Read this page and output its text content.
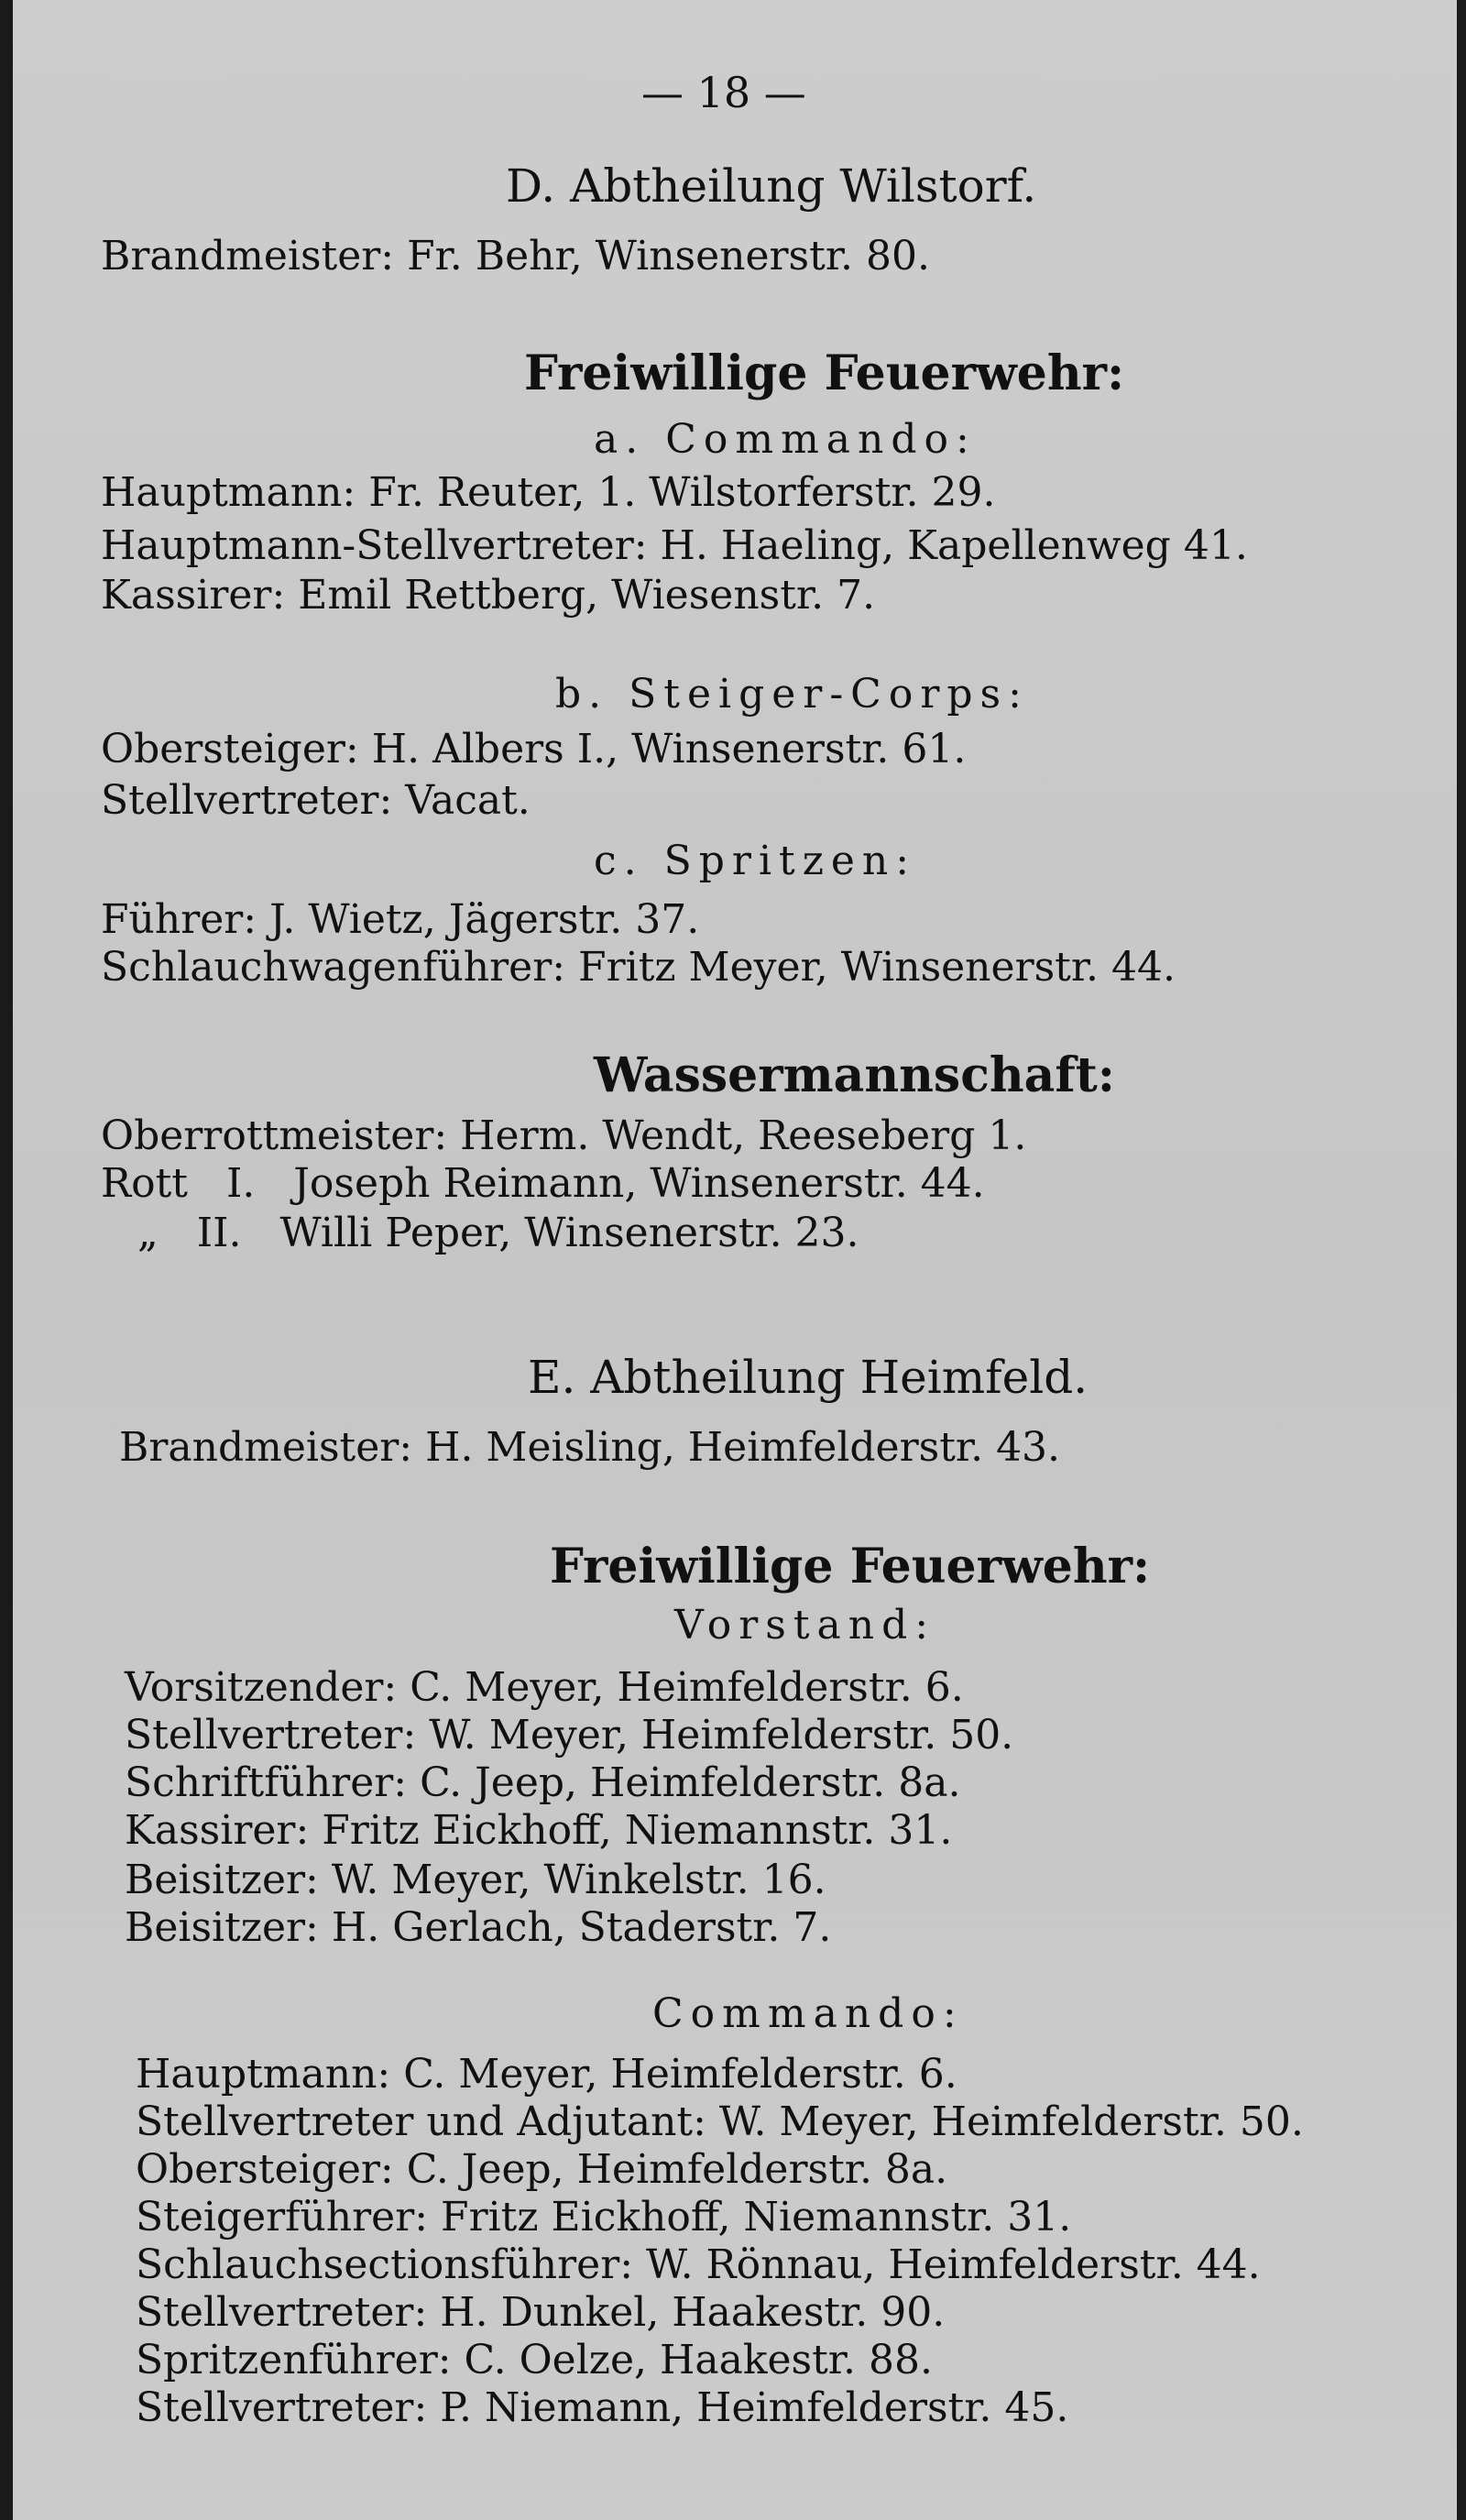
— 18 —
D. Abtheilung Wilstorf.
Brandmeister: Fr. Behr, Winsenerstr. 80.
Freiwillige Feuerwehr:
a. Commando:
Hauptmann: Fr. Reuter, 1. Wilstorferstr. 29.
Hauptmann-Stellvertreter: H. Haeling, Kapellenweg 41.
Kassirer: Emil Rettberg, Wiesenstr. 7.
b. Steiger-Corps:
Obersteiger: H. Albers I., Winsenerstr. 61.
Stellvertreter: Vacat.
c. Spritzen:
Führer: J. Wietz, Jägerstr. 37.
Schlauchwagenführer: Fritz Meyer, Winsenerstr. 44.
Wassermannschaft:
Oberrottmeister: Herm. Wendt, Reeseberg 1.
Rott   I.   Joseph Reimann, Winsenerstr. 44.
„   II.   Willi Peper, Winsenerstr. 23.
E. Abtheilung Heimfeld.
Brandmeister: H. Meisling, Heimfelderstr. 43.
Freiwillige Feuerwehr:
Vorstand:
Vorsitzender: C. Meyer, Heimfelderstr. 6.
Stellvertreter: W. Meyer, Heimfelderstr. 50.
Schriftführer: C. Jeep, Heimfelderstr. 8a.
Kassirer: Fritz Eickhoff, Niemannstr. 31.
Beisitzer: W. Meyer, Winkelstr. 16.
Beisitzer: H. Gerlach, Staderstr. 7.
Commando:
Hauptmann: C. Meyer, Heimfelderstr. 6.
Stellvertreter und Adjutant: W. Meyer, Heimfelderstr. 50.
Obersteiger: C. Jeep, Heimfelderstr. 8a.
Steigerführer: Fritz Eickhoff, Niemannstr. 31.
Schlauchsectionsführer: W. Rönnau, Heimfelderstr. 44.
Stellvertreter: H. Dunkel, Haakestr. 90.
Spritzenführer: C. Oelze, Haakestr. 88.
Stellvertreter: P. Niemann, Heimfelderstr. 45.
